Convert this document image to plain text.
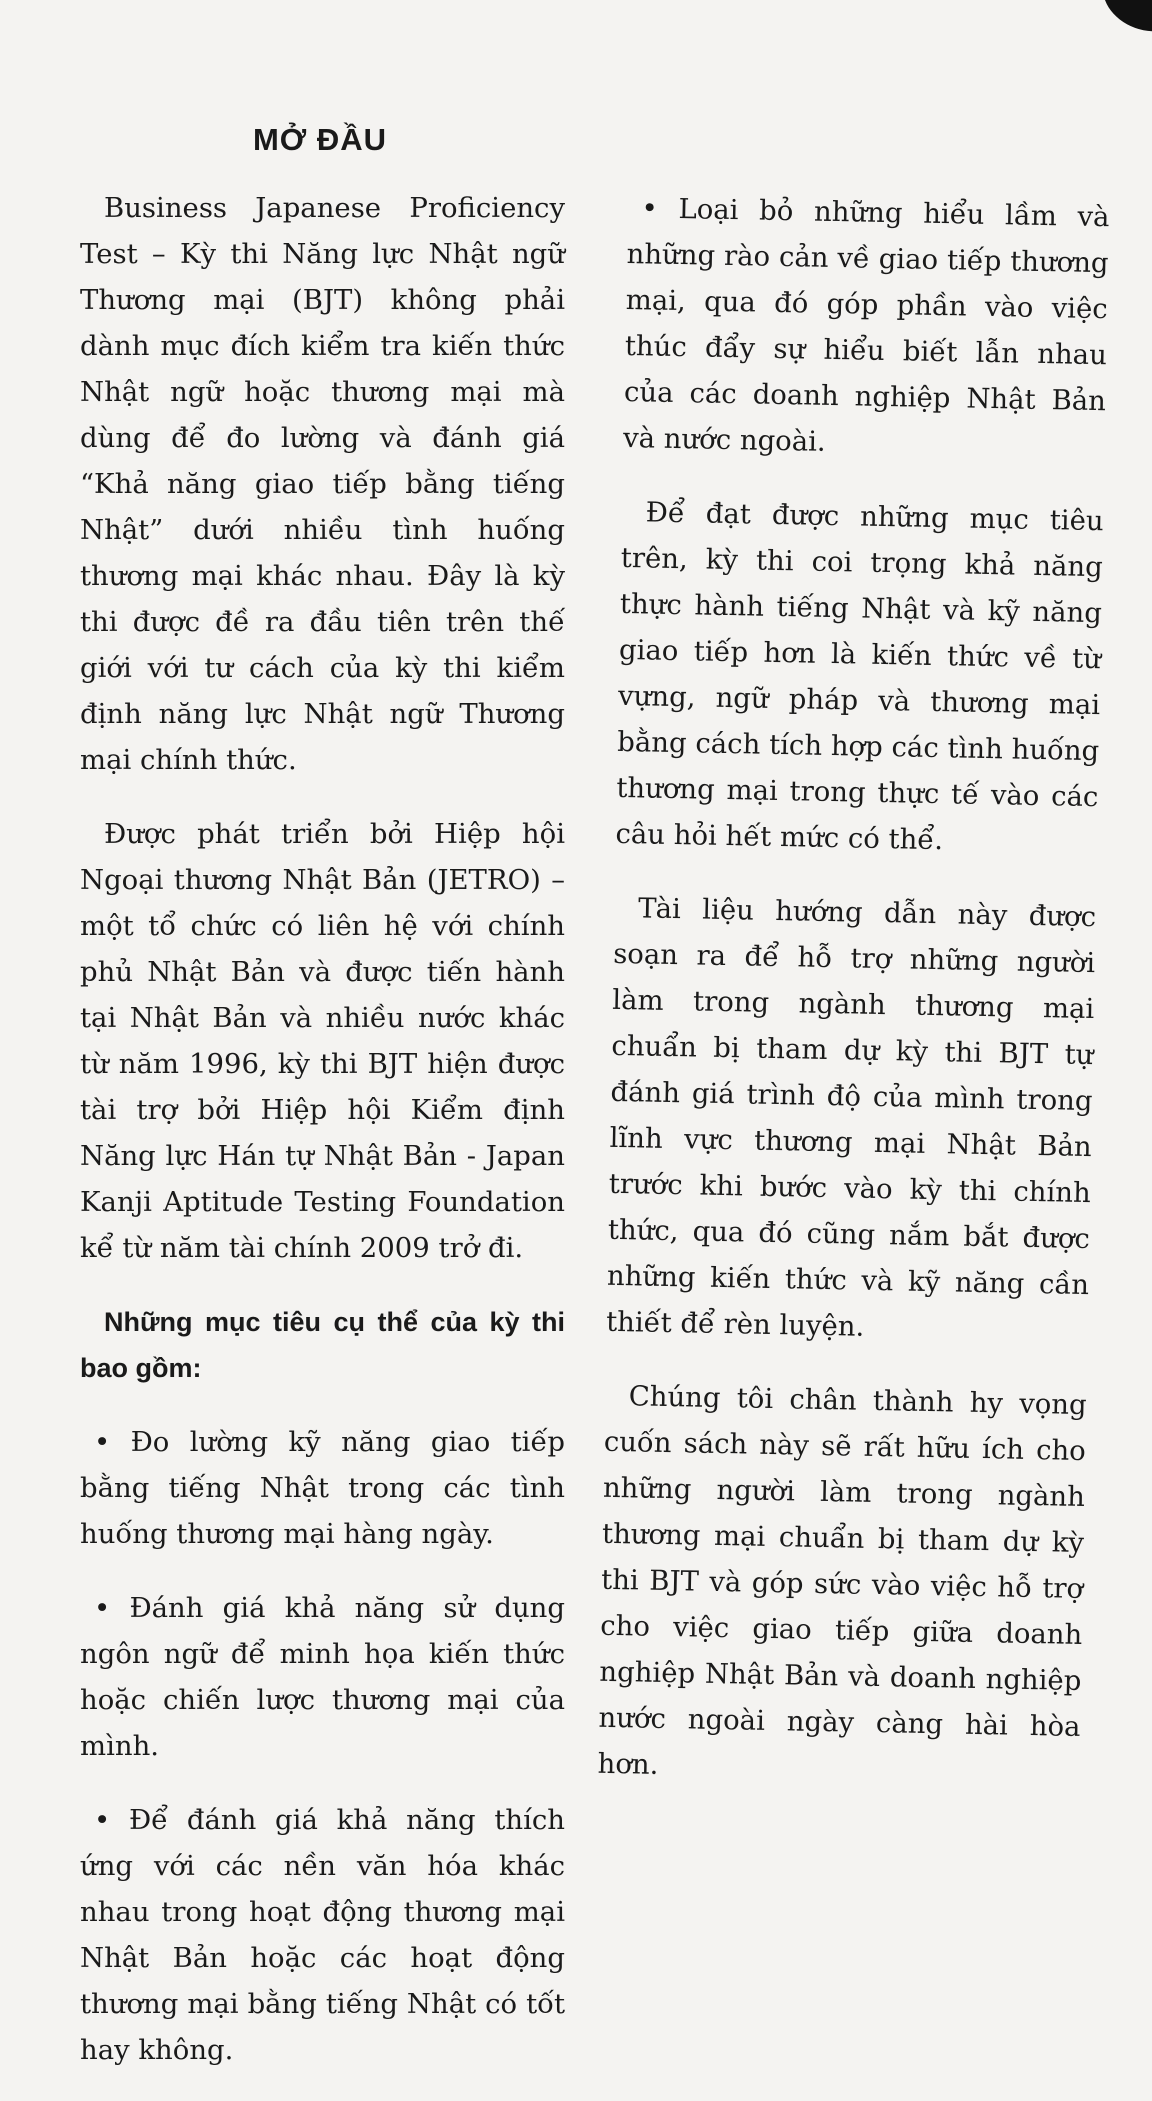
MỞ ĐẦU

Business Japanese Proficiency Test – Kỳ thi Năng lực Nhật ngữ Thương mại (BJT) không phải dành mục đích kiểm tra kiến thức Nhật ngữ hoặc thương mại mà dùng để đo lường và đánh giá “Khả năng giao tiếp bằng tiếng Nhật” dưới nhiều tình huống thương mại khác nhau. Đây là kỳ thi được đề ra đầu tiên trên thế giới với tư cách của kỳ thi kiểm định năng lực Nhật ngữ Thương mại chính thức.

Được phát triển bởi Hiệp hội Ngoại thương Nhật Bản (JETRO) – một tổ chức có liên hệ với chính phủ Nhật Bản và được tiến hành tại Nhật Bản và nhiều nước khác từ năm 1996, kỳ thi BJT hiện được tài trợ bởi Hiệp hội Kiểm định Năng lực Hán tự Nhật Bản - Japan Kanji Aptitude Testing Foundation kể từ năm tài chính 2009 trở đi.

Những mục tiêu cụ thể của kỳ thi bao gồm:

• Đo lường kỹ năng giao tiếp bằng tiếng Nhật trong các tình huống thương mại hàng ngày.

• Đánh giá khả năng sử dụng ngôn ngữ để minh họa kiến thức hoặc chiến lược thương mại của mình.

• Để đánh giá khả năng thích ứng với các nền văn hóa khác nhau trong hoạt động thương mại Nhật Bản hoặc các hoạt động thương mại bằng tiếng Nhật có tốt hay không.

• Loại bỏ những hiểu lầm và những rào cản về giao tiếp thương mại, qua đó góp phần vào việc thúc đẩy sự hiểu biết lẫn nhau của các doanh nghiệp Nhật Bản và nước ngoài.

Để đạt được những mục tiêu trên, kỳ thi coi trọng khả năng thực hành tiếng Nhật và kỹ năng giao tiếp hơn là kiến thức về từ vựng, ngữ pháp và thương mại bằng cách tích hợp các tình huống thương mại trong thực tế vào các câu hỏi hết mức có thể.

Tài liệu hướng dẫn này được soạn ra để hỗ trợ những người làm trong ngành thương mại chuẩn bị tham dự kỳ thi BJT tự đánh giá trình độ của mình trong lĩnh vực thương mại Nhật Bản trước khi bước vào kỳ thi chính thức, qua đó cũng nắm bắt được những kiến thức và kỹ năng cần thiết để rèn luyện.

Chúng tôi chân thành hy vọng cuốn sách này sẽ rất hữu ích cho những người làm trong ngành thương mại chuẩn bị tham dự kỳ thi BJT và góp sức vào việc hỗ trợ cho việc giao tiếp giữa doanh nghiệp Nhật Bản và doanh nghiệp nước ngoài ngày càng hài hòa hơn.
